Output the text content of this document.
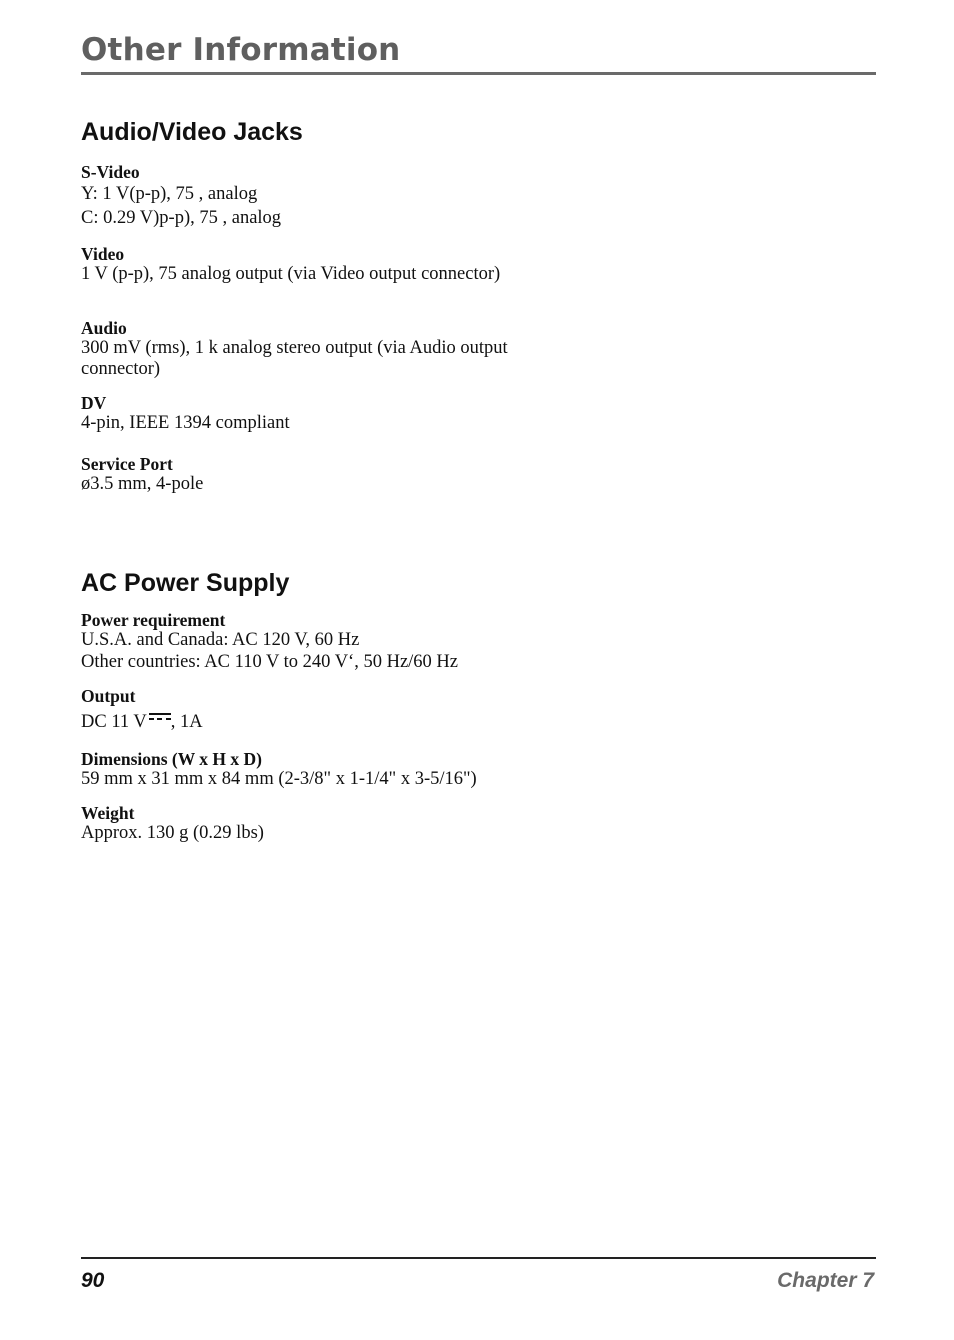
Other Information
Audio/Video Jacks
S-Video
Y: 1 V(p-p), 75 , analog
C: 0.29 V)p-p), 75 , analog
Video
1 V (p-p), 75 analog output (via Video output connector)
Audio
300 mV (rms), 1 k analog stereo output (via Audio output connector)
DV
4-pin, IEEE 1394 compliant
Service Port
ø3.5 mm, 4-pole
AC Power Supply
Power requirement
U.S.A. and Canada: AC 120 V, 60 Hz
Other countries: AC 110 V to 240 V‘, 50 Hz/60 Hz
Output
DC 11 V , 1A
Dimensions (W x H x D)
59 mm x 31 mm x 84 mm (2-3/8" x 1-1/4" x 3-5/16")
Weight
Approx. 130 g (0.29 lbs)
90	Chapter 7
